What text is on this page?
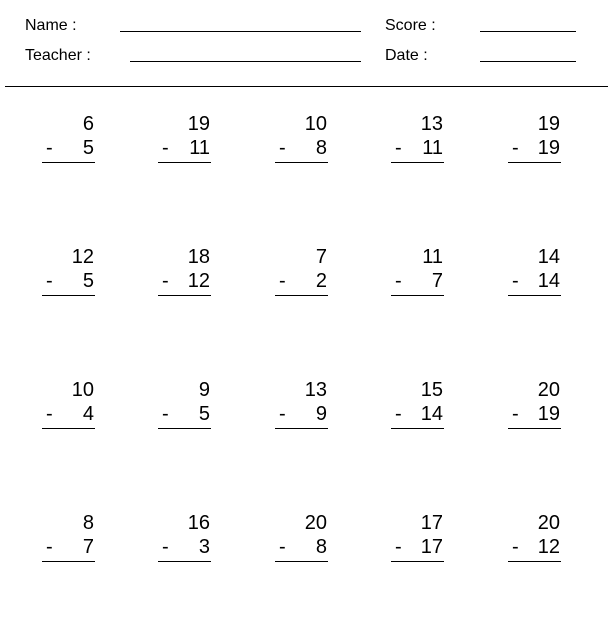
Name :
Teacher :
Score :
Date :
6
- 5
19
- 11
10
- 8
13
- 11
19
- 19
12
- 5
18
- 12
7
- 2
11
- 7
14
- 14
10
- 4
9
- 5
13
- 9
15
- 14
20
- 19
8
- 7
16
- 3
20
- 8
17
- 17
20
- 12
